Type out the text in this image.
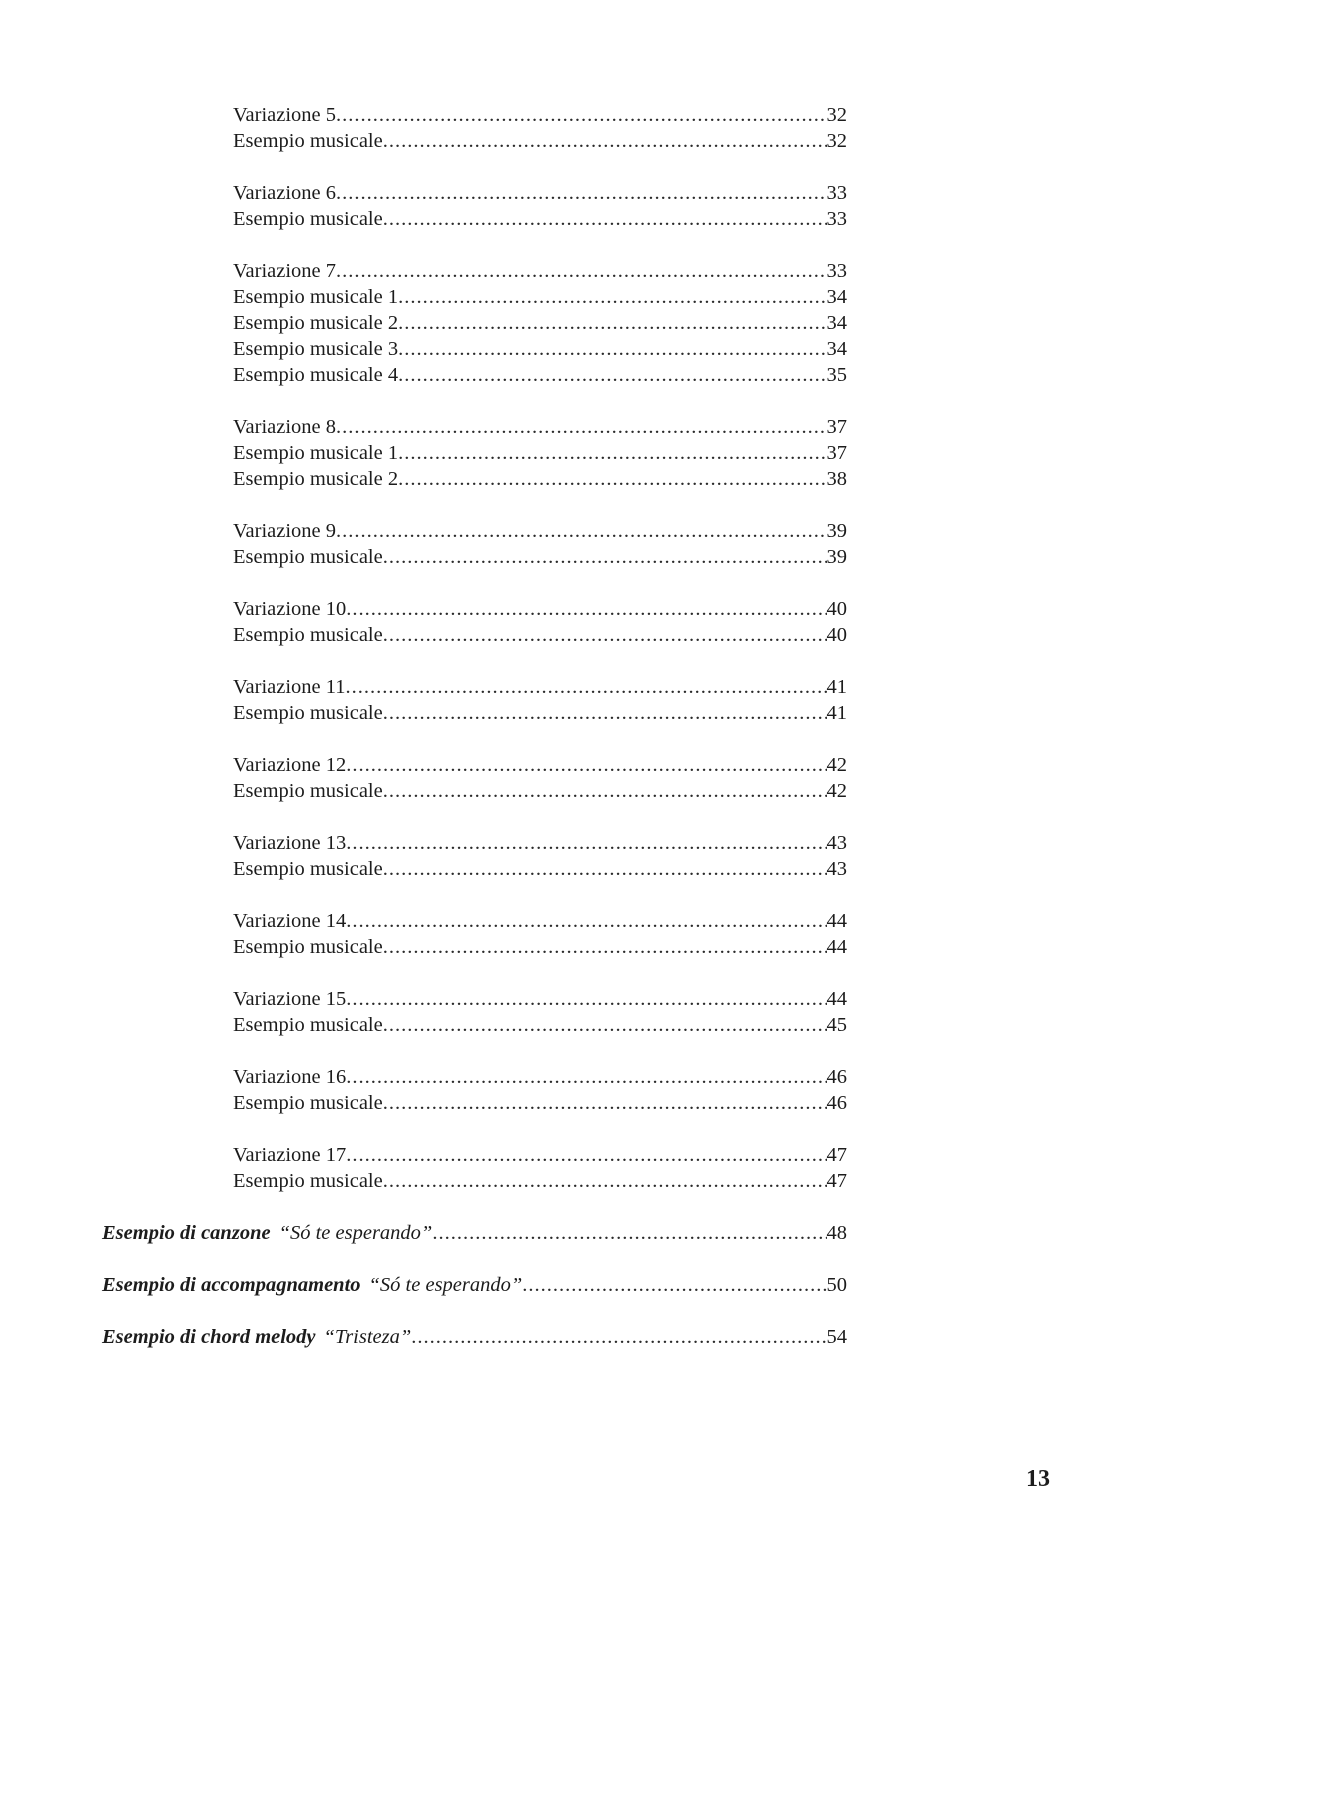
Variazione 5 .....	32
Esempio musicale .....	32
Variazione 6 .....	33
Esempio musicale .....	33
Variazione 7 .....	33
Esempio musicale 1 .....	34
Esempio musicale 2 .....	34
Esempio musicale 3 .....	34
Esempio musicale 4 .....	35
Variazione 8 .....	37
Esempio musicale 1 .....	37
Esempio musicale 2 .....	38
Variazione 9 .....	39
Esempio musicale .....	39
Variazione 10 .....	40
Esempio musicale .....	40
Variazione 11 .....	41
Esempio musicale .....	41
Variazione 12 .....	42
Esempio musicale .....	42
Variazione 13 .....	43
Esempio musicale .....	43
Variazione 14 .....	44
Esempio musicale .....	44
Variazione 15 .....	44
Esempio musicale .....	45
Variazione 16 .....	46
Esempio musicale .....	46
Variazione 17 .....	47
Esempio musicale .....	47
Esempio di canzone “Só te esperando” .....	48
Esempio di accompagnamento “Só te esperando” .....	50
Esempio di chord melody “Tristeza” .....	54
13
